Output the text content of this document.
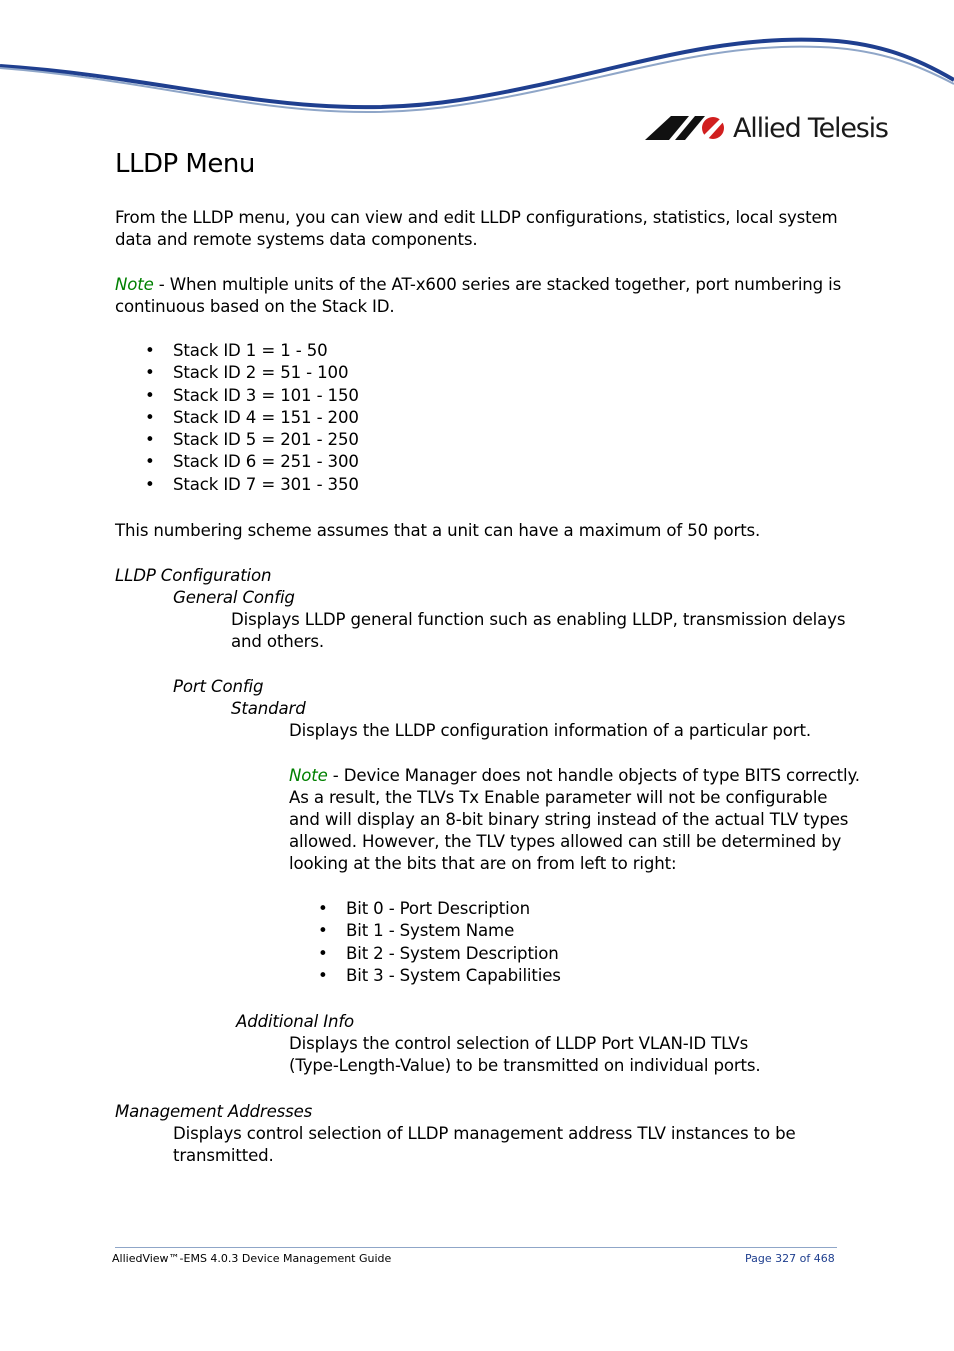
Allied Telesis
LLDP Menu
From the LLDP menu, you can view and edit LLDP configurations, statistics, local system
data and remote systems data components.
Note - When multiple units of the AT-x600 series are stacked together, port numbering is
continuous based on the Stack ID.
• Stack ID 1 = 1 - 50
• Stack ID 2 = 51 - 100
• Stack ID 3 = 101 - 150
• Stack ID 4 = 151 - 200
• Stack ID 5 = 201 - 250
• Stack ID 6 = 251 - 300
• Stack ID 7 = 301 - 350
This numbering scheme assumes that a unit can have a maximum of 50 ports.
LLDP Configuration
General Config
Displays LLDP general function such as enabling LLDP, transmission delays
and others.
Port Config
Standard
Displays the LLDP configuration information of a particular port.
Note - Device Manager does not handle objects of type BITS correctly.
As a result, the TLVs Tx Enable parameter will not be configurable
and will display an 8-bit binary string instead of the actual TLV types
allowed. However, the TLV types allowed can still be determined by
looking at the bits that are on from left to right:
• Bit 0 - Port Description
• Bit 1 - System Name
• Bit 2 - System Description
• Bit 3 - System Capabilities
Additional Info
Displays the control selection of LLDP Port VLAN-ID TLVs
(Type-Length-Value) to be transmitted on individual ports.
Management Addresses
Displays control selection of LLDP management address TLV instances to be
transmitted.
AlliedView™-EMS 4.0.3 Device Management Guide	Page 327 of 468
